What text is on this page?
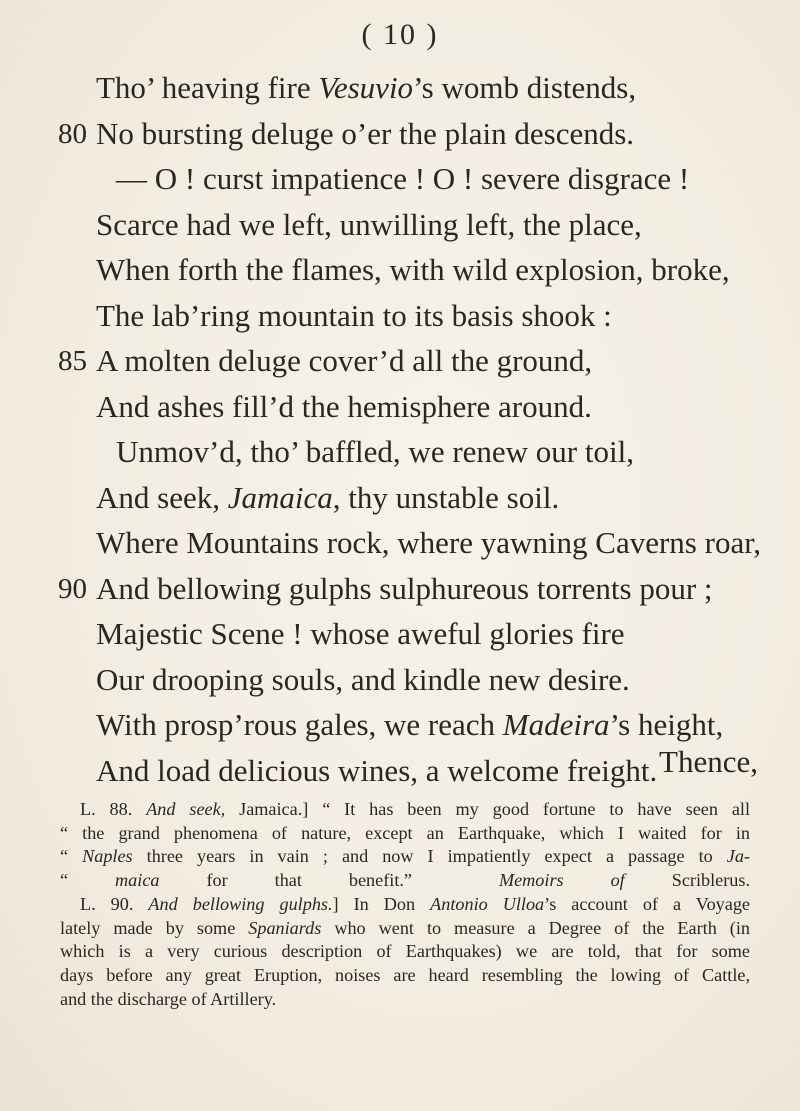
( 10 )
Tho’ heaving fire Vesuvio’s womb distends,
80 No bursting deluge o’er the plain descends.
— O ! curst impatience ! O ! severe disgrace !
Scarce had we left, unwilling left, the place,
When forth the flames, with wild explosion, broke,
The lab’ring mountain to its basis shook :
85 A molten deluge cover’d all the ground,
And ashes fill’d the hemisphere around.
Unmov’d, tho’ baffled, we renew our toil,
And seek, Jamaica, thy unstable soil.
Where Mountains rock, where yawning Caverns roar,
90 And bellowing gulphs sulphureous torrents pour ;
Majestic Scene ! whose aweful glories fire
Our drooping souls, and kindle new desire.
With prosp’rous gales, we reach Madeira’s height,
And load delicious wines, a welcome freight. Thence,

L. 88. And seek, Jamaica.] “ It has been my good fortune to have seen all

“ the grand phenomena of nature, except an Earthquake, which I waited for in

“ Naples three years in vain ; and now I impatiently expect a passage to Ja-

“ maica for that benefit.” Memoirs of Scriblerus.

L. 90. And bellowing gulphs.] In Don Antonio Ulloa’s account of a Voyage

lately made by some Spaniards who went to measure a Degree of the Earth (in

which is a very curious description of Earthquakes) we are told, that for some

days before any great Eruption, noises are heard resembling the lowing of Cattle,

and the discharge of Artillery.
